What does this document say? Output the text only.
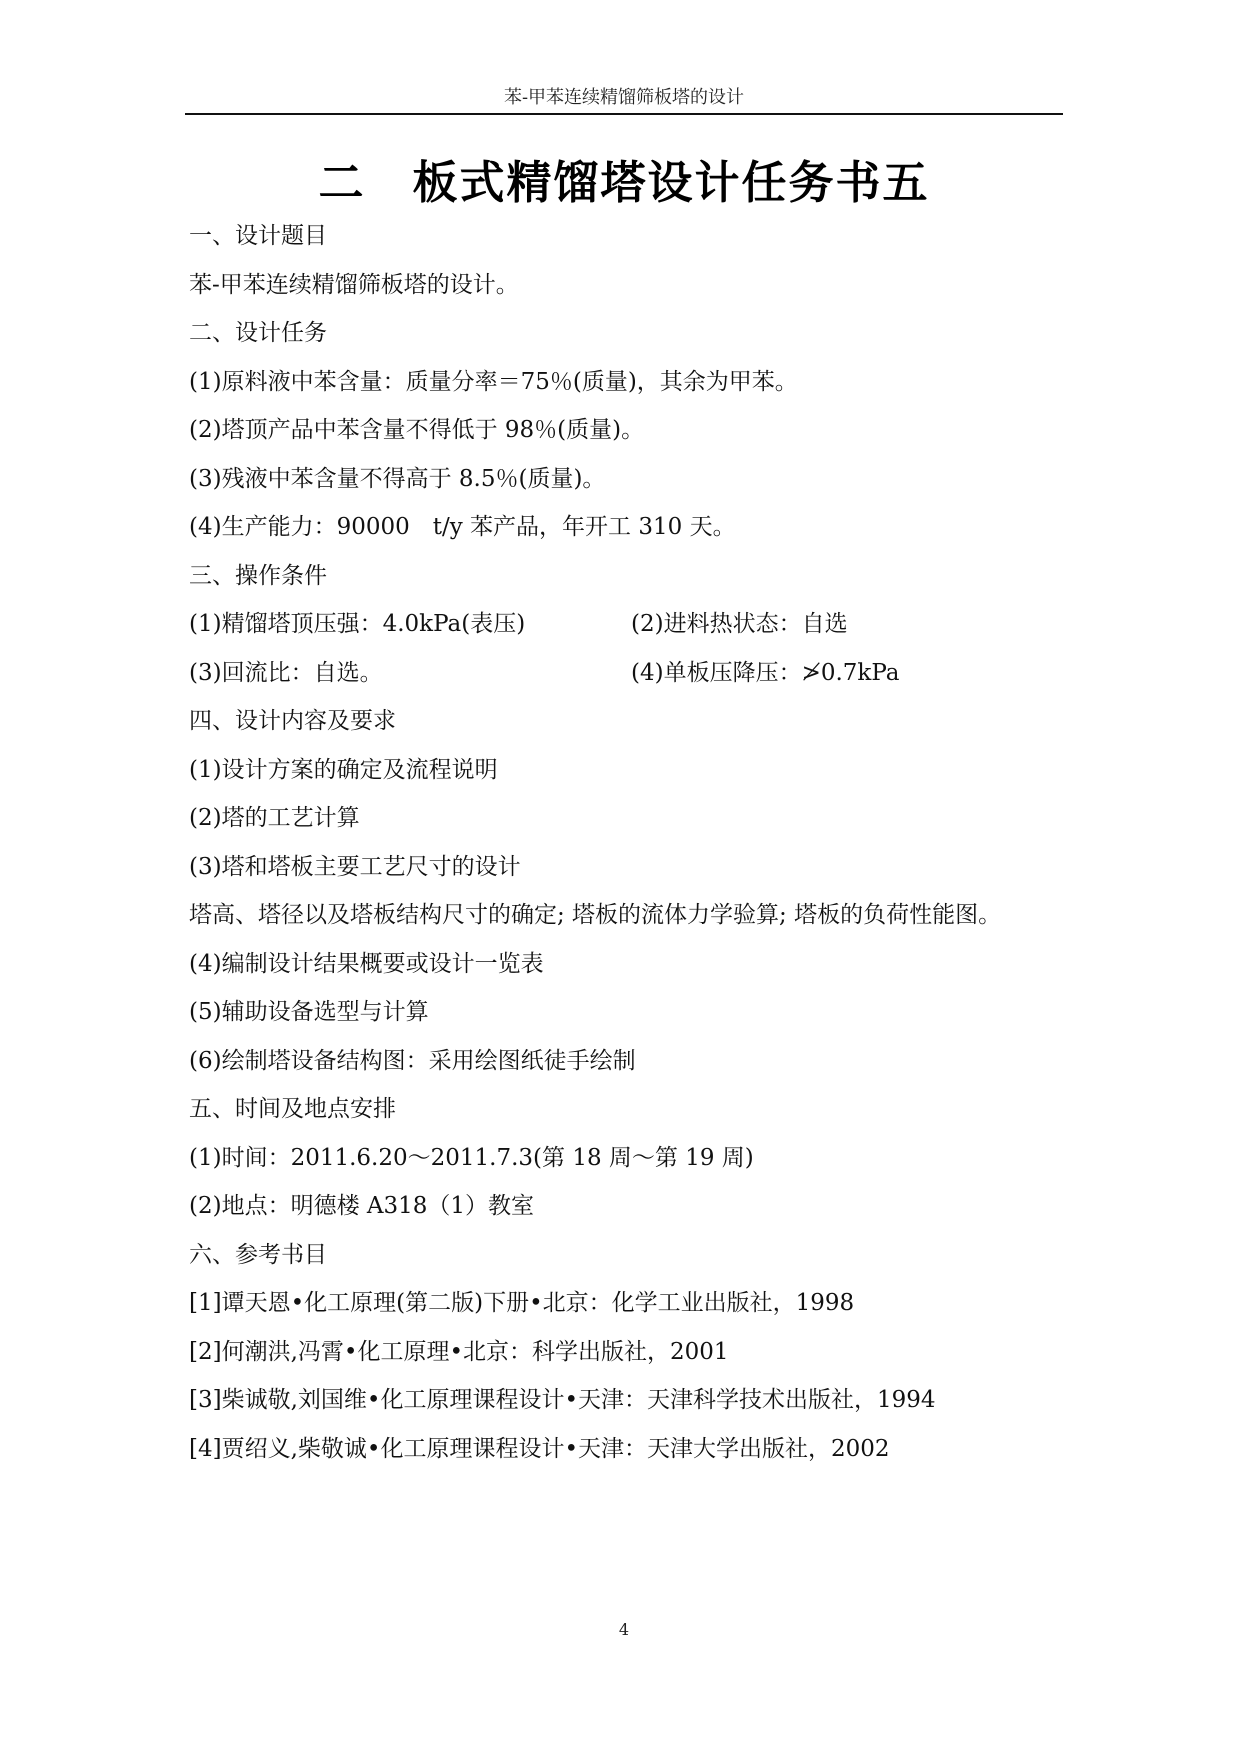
苯-甲苯连续精馏筛板塔的设计
二　板式精馏塔设计任务书五
一、设计题目
苯-甲苯连续精馏筛板塔的设计。
二、设计任务
(1)原料液中苯含量：质量分率＝75％(质量)，其余为甲苯。
(2)塔顶产品中苯含量不得低于 98％(质量)。
(3)残液中苯含量不得高于 8.5％(质量)。
(4)生产能力：90000　t/y 苯产品，年开工 310 天。
三、操作条件
(1)精馏塔顶压强：4.0kPa(表压)	(2)进料热状态：自选
(3)回流比：自选。	(4)单板压降压：≯0.7kPa
四、设计内容及要求
(1)设计方案的确定及流程说明
(2)塔的工艺计算
(3)塔和塔板主要工艺尺寸的设计
塔高、塔径以及塔板结构尺寸的确定; 塔板的流体力学验算; 塔板的负荷性能图。
(4)编制设计结果概要或设计一览表
(5)辅助设备选型与计算
(6)绘制塔设备结构图：采用绘图纸徒手绘制
五、时间及地点安排
(1)时间：2011.6.20～2011.7.3(第 18 周～第 19 周)
(2)地点：明德楼 A318（1）教室
六、参考书目
[1]谭天恩•化工原理(第二版)下册•北京：化学工业出版社，1998
[2]何潮洪,冯霄•化工原理•北京：科学出版社，2001
[3]柴诚敬,刘国维•化工原理课程设计•天津：天津科学技术出版社，1994
[4]贾绍义,柴敬诚•化工原理课程设计•天津：天津大学出版社，2002
4
